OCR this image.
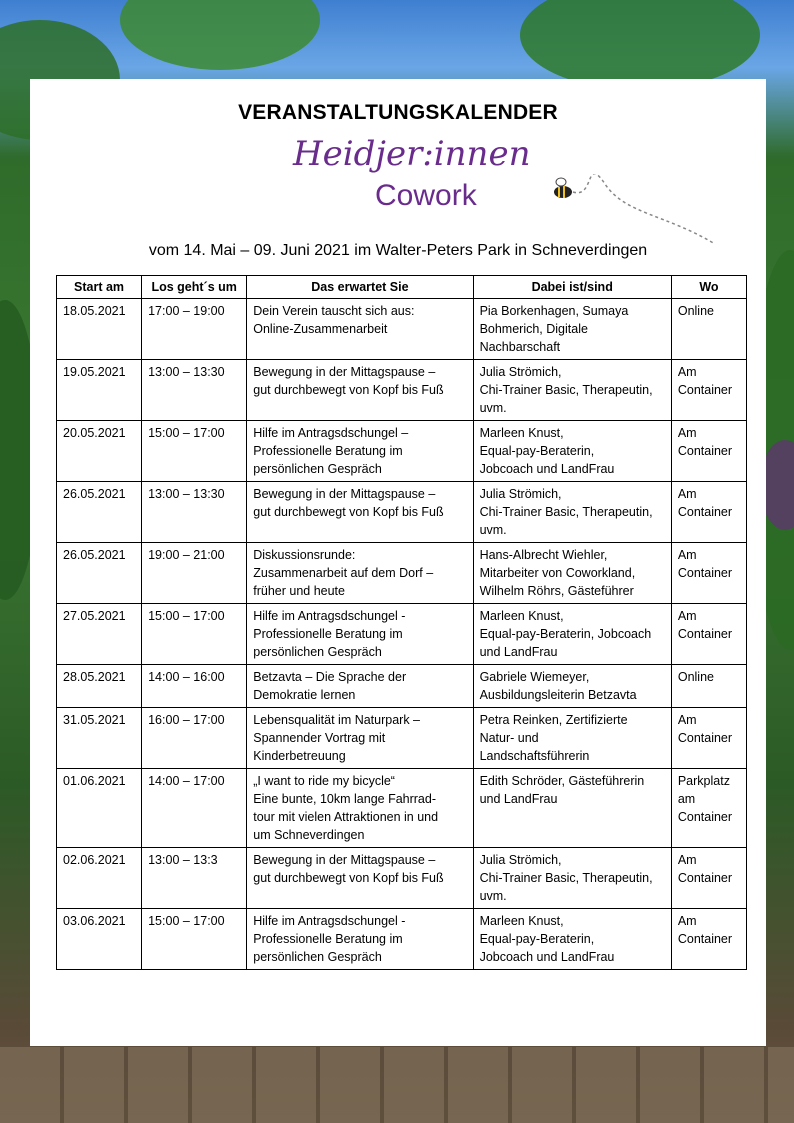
VERANSTALTUNGSKALENDER
Heidjer:innen
Cowork
vom 14. Mai – 09. Juni 2021 im Walter-Peters Park in Schneverdingen
Start am	Los geht´s um	Das erwartet Sie	Dabei ist/sind	Wo
18.05.2021	17:00 – 19:00	Dein Verein tauscht sich aus:
Online-Zusammenarbeit	Pia Borkenhagen, Sumaya
Bohmerich, Digitale
Nachbarschaft	Online
19.05.2021	13:00 – 13:30	Bewegung in der Mittagspause –
gut durchbewegt von Kopf bis Fuß	Julia Strömich,
Chi-Trainer Basic, Therapeutin,
uvm.	Am
Container
20.05.2021	15:00 – 17:00	Hilfe im Antragsdschungel –
Professionelle Beratung im
persönlichen Gespräch	Marleen Knust,
Equal-pay-Beraterin,
Jobcoach und LandFrau	Am
Container
26.05.2021	13:00 – 13:30	Bewegung in der Mittagspause –
gut durchbewegt von Kopf bis Fuß	Julia Strömich,
Chi-Trainer Basic, Therapeutin,
uvm.	Am
Container
26.05.2021	19:00 – 21:00	Diskussionsrunde:
Zusammenarbeit auf dem Dorf –
früher und heute	Hans-Albrecht Wiehler,
Mitarbeiter von Coworkland,
Wilhelm Röhrs, Gästeführer	Am
Container
27.05.2021	15:00 – 17:00	Hilfe im Antragsdschungel -
Professionelle Beratung im
persönlichen Gespräch	Marleen Knust,
Equal-pay-Beraterin, Jobcoach
und LandFrau	Am
Container
28.05.2021	14:00 – 16:00	Betzavta – Die Sprache der
Demokratie lernen	Gabriele Wiemeyer,
Ausbildungsleiterin Betzavta	Online
31.05.2021	16:00 – 17:00	Lebensqualität im Naturpark –
Spannender Vortrag mit
Kinderbetreuung	Petra Reinken, Zertifizierte
Natur- und
Landschaftsführerin	Am
Container
01.06.2021	14:00 – 17:00	„I want to ride my bicycle“
Eine bunte, 10km lange Fahrrad-
tour mit vielen Attraktionen in und
um Schneverdingen	Edith Schröder, Gästeführerin
und LandFrau	Parkplatz
am
Container
02.06.2021	13:00 – 13:3	Bewegung in der Mittagspause –
gut durchbewegt von Kopf bis Fuß	Julia Strömich,
Chi-Trainer Basic, Therapeutin,
uvm.	Am
Container
03.06.2021	15:00 – 17:00	Hilfe im Antragsdschungel -
Professionelle Beratung im
persönlichen Gespräch	Marleen Knust,
Equal-pay-Beraterin,
Jobcoach und LandFrau	Am
Container
